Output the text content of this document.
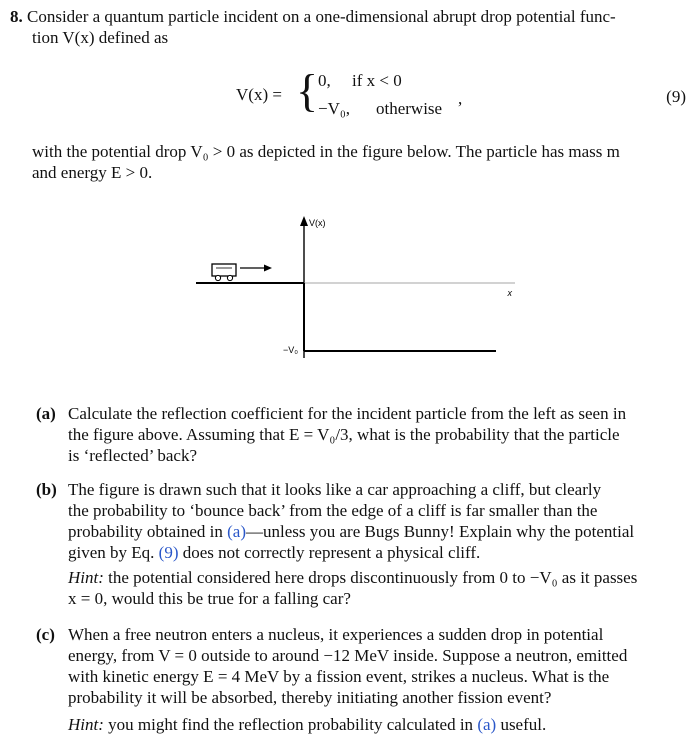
8. Consider a quantum particle incident on a one-dimensional abrupt drop potential func-
tion V(x) defined as
V(x) = { 0, if x < 0
−V₀, otherwise
,	(9)
with the potential drop V₀ > 0 as depicted in the figure below. The particle has mass m
and energy E > 0.
V(x)
x
−V₀
(a) Calculate the reflection coefficient for the incident particle from the left as seen in
the figure above. Assuming that E = V₀/3, what is the probability that the particle
is ‘reflected’ back?
(b) The figure is drawn such that it looks like a car approaching a cliff, but clearly
the probability to ‘bounce back’ from the edge of a cliff is far smaller than the
probability obtained in (a)—unless you are Bugs Bunny! Explain why the potential
given by Eq. (9) does not correctly represent a physical cliff.
Hint: the potential considered here drops discontinuously from 0 to −V₀ as it passes
x = 0, would this be true for a falling car?
(c) When a free neutron enters a nucleus, it experiences a sudden drop in potential
energy, from V = 0 outside to around −12 MeV inside. Suppose a neutron, emitted
with kinetic energy E = 4 MeV by a fission event, strikes a nucleus. What is the
probability it will be absorbed, thereby initiating another fission event?
Hint: you might find the reflection probability calculated in (a) useful.
